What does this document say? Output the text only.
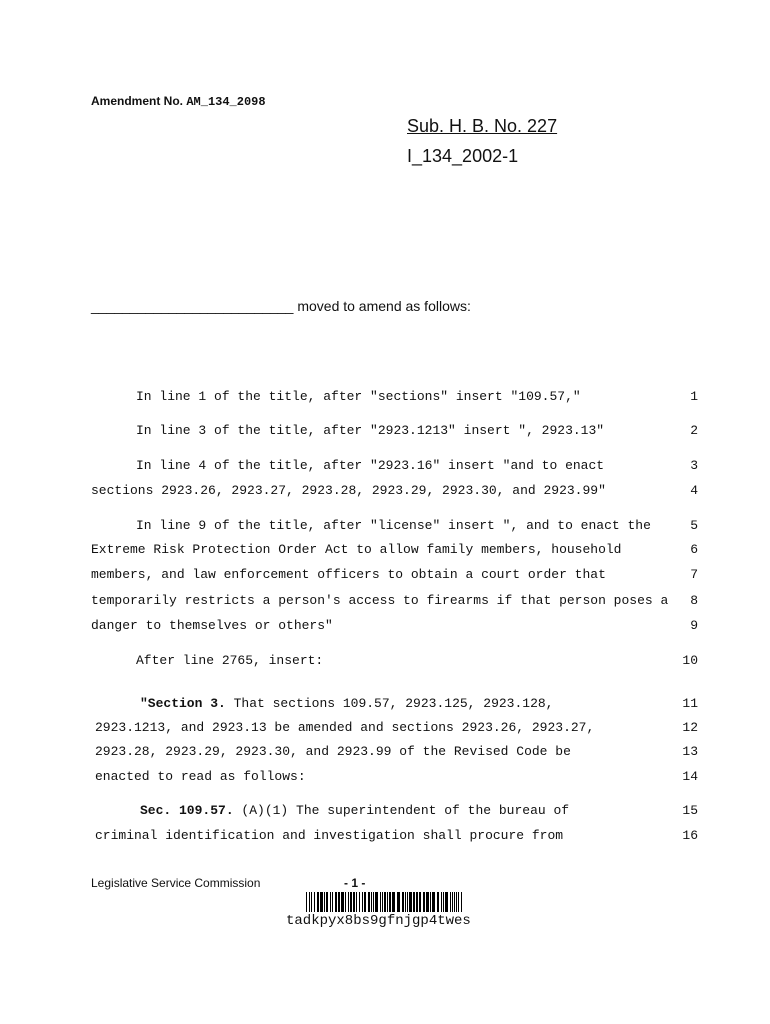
Amendment No. AM_134_2098
Sub. H. B. No. 227
I_134_2002-1
__________________________ moved to amend as follows:
In line 1 of the title, after "sections" insert "109.57,"	1
In line 3 of the title, after "2923.1213" insert ", 2923.13"	2
In line 4 of the title, after "2923.16" insert "and to enact	3
sections 2923.26, 2923.27, 2923.28, 2923.29, 2923.30, and 2923.99"	4
In line 9 of the title, after "license" insert ", and to enact the	5
Extreme Risk Protection Order Act to allow family members, household	6
members, and law enforcement officers to obtain a court order that	7
temporarily restricts a person's access to firearms if that person poses a	8
danger to themselves or others"	9
After line 2765, insert:	10
"Section 3. That sections 109.57, 2923.125, 2923.128,	11
2923.1213, and 2923.13 be amended and sections 2923.26, 2923.27,	12
2923.28, 2923.29, 2923.30, and 2923.99 of the Revised Code be	13
enacted to read as follows:	14
Sec. 109.57. (A)(1) The superintendent of the bureau of	15
criminal identification and investigation shall procure from	16
Legislative Service Commission	- 1 -
tadkpyx8bs9gfnjgp4twes
